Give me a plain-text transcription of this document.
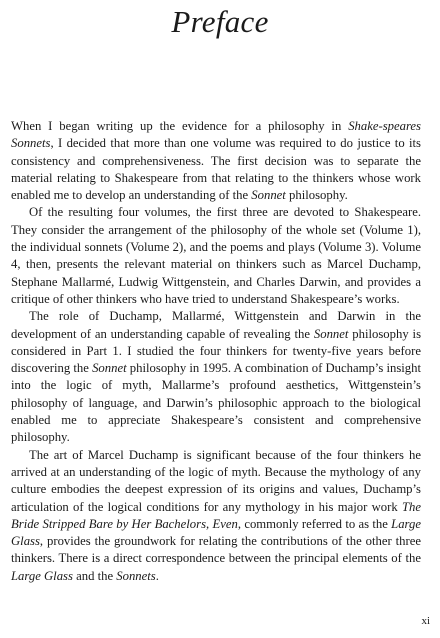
Preface

When I began writing up the evidence for a philosophy in Shake-speares Sonnets, I decided that more than one volume was required to do justice to its consistency and comprehensiveness. The first decision was to separate the material relating to Shakespeare from that relating to the thinkers whose work enabled me to develop an understanding of the Sonnet philosophy.

Of the resulting four volumes, the first three are devoted to Shakespeare. They consider the arrangement of the philosophy of the whole set (Volume 1), the individual sonnets (Volume 2), and the poems and plays (Volume 3). Volume 4, then, presents the relevant material on thinkers such as Marcel Duchamp, Stephane Mallarmé, Ludwig Wittgenstein, and Charles Darwin, and provides a critique of other thinkers who have tried to understand Shakespeare’s works.

The role of Duchamp, Mallarmé, Wittgenstein and Darwin in the development of an understanding capable of revealing the Sonnet philosophy is considered in Part 1. I studied the four thinkers for twenty-five years before discovering the Sonnet philosophy in 1995. A combination of Duchamp’s insight into the logic of myth, Mallarme’s profound aesthetics, Wittgenstein’s philosophy of language, and Darwin’s philosophic approach to the biological enabled me to appreciate Shakespeare’s consistent and comprehensive philosophy.

The art of Marcel Duchamp is significant because of the four thinkers he arrived at an understanding of the logic of myth. Because the mythology of any culture embodies the deepest expression of its origins and values, Duchamp’s articulation of the logical conditions for any mythology in his major work The Bride Stripped Bare by Her Bachelors, Even, commonly referred to as the Large Glass, provides the groundwork for relating the contributions of the other three thinkers. There is a direct correspondence between the principal elements of the Large Glass and the Sonnets.

xi
